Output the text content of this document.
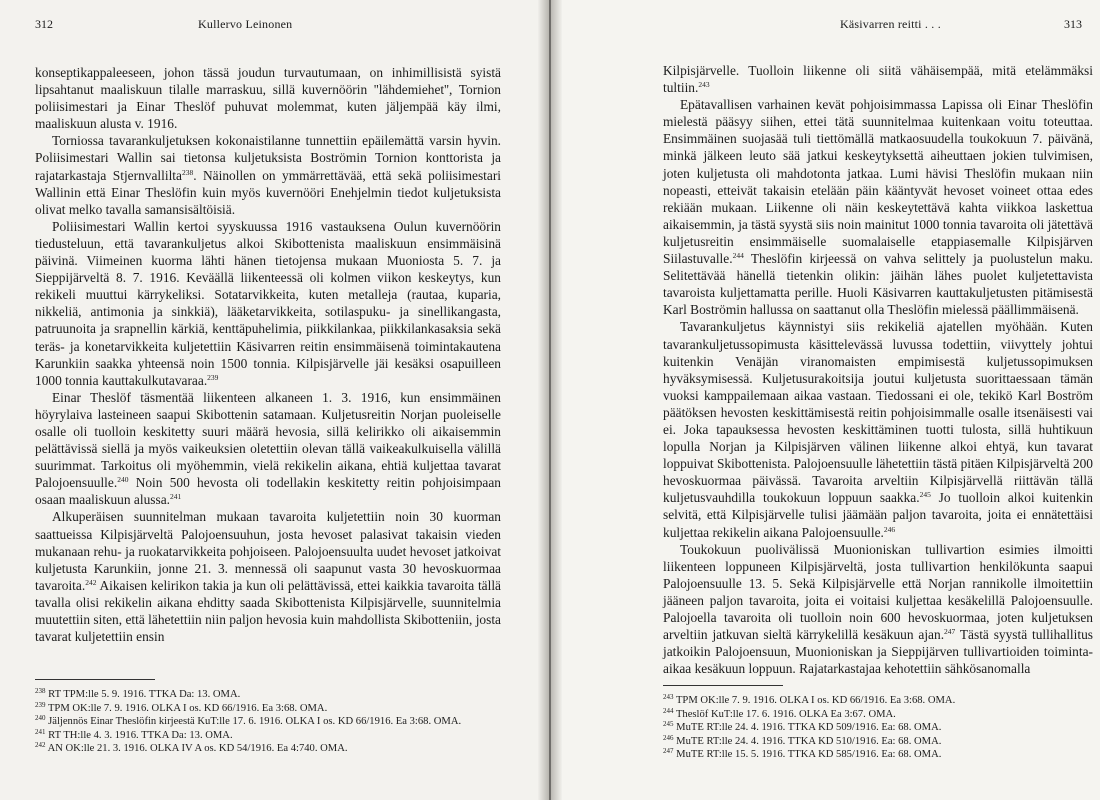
312	Kullervo Leinonen

konseptikappaleeseen, johon tässä joudun turvautumaan, on inhimillisistä syistä lipsahtanut maaliskuun tilalle marraskuu, sillä kuvernöörin ''lähdemiehet'', Tornion poliisimestari ja Einar Theslöf puhuvat molemmat, kuten jäljempää käy ilmi, maaliskuun alusta v. 1916.

Torniossa tavarankuljetuksen kokonaistilanne tunnettiin epäilemättä varsin hyvin. Poliisimestari Wallin sai tietonsa kuljetuksista Boströmin Tornion konttorista ja rajatarkastaja Stjernvallilta$^{238}$. Näinollen on ymmärrettävää, että sekä poliisimestari Wallinin että Einar Theslöfin kuin myös kuvernööri Enehjelmin tiedot kuljetuksista olivat melko tavalla samansisältöisiä.

Poliisimestari Wallin kertoi syyskuussa 1916 vastauksena Oulun kuvernöörin tiedusteluun, että tavarankuljetus alkoi Skibottenista maaliskuun ensimmäisinä päivinä. Viimeinen kuorma lähti hänen tietojensa mukaan Muoniosta 5. 7. ja Sieppijärveltä 8. 7. 1916. Keväällä liikenteessä oli kolmen viikon keskeytys, kun rekikeli muuttui kärrykeliksi. Sotatarvikkeita, kuten metalleja (rautaa, kuparia, nikkeliä, antimonia ja sinkkiä), lääketarvikkeita, sotilaspuku- ja sinellikangasta, patruunoita ja srapnellin kärkiä, kenttäpuhelimia, piikkilankaa, piikkilankasaksia sekä teräs- ja konetarvikkeita kuljetettiin Käsivarren reitin ensimmäisenä toimintakautena Karunkiin saakka yhteensä noin 1500 tonnia. Kilpisjärvelle jäi kesäksi osapuilleen 1000 tonnia kauttakulkutavaraa.$^{239}$

Einar Theslöf täsmentää liikenteen alkaneen 1. 3. 1916, kun ensimmäinen höyrylaiva lasteineen saapui Skibottenin satamaan. Kuljetusreitin Norjan puoleiselle osalle oli tuolloin keskitetty suuri määrä hevosia, sillä kelirikko oli aikaisemmin pelättävissä siellä ja myös vaikeuksien oletettiin olevan tällä vaikeakulkuisella välillä suurimmat. Tarkoitus oli myöhemmin, vielä rekikelin aikana, ehtiä kuljettaa tavarat Palojoensuulle.$^{240}$ Noin 500 hevosta oli todellakin keskitetty reitin pohjoisimpaan osaan maaliskuun alussa.$^{241}$

Alkuperäisen suunnitelman mukaan tavaroita kuljetettiin noin 30 kuorman saattueissa Kilpisjärveltä Palojoensuuhun, josta hevoset palasivat takaisin vieden mukanaan rehu- ja ruokatarvikkeita pohjoiseen. Palojoensuulta uudet hevoset jatkoivat kuljetusta Karunkiin, jonne 21. 3. mennessä oli saapunut vasta 30 hevoskuormaa tavaroita.$^{242}$ Aikaisen kelirikon takia ja kun oli pelättävissä, ettei kaikkia tavaroita tällä tavalla olisi rekikelin aikana ehditty saada Skibottenista Kilpisjärvelle, suunnitelmia muutettiin siten, että lähetettiin niin paljon hevosia kuin mahdollista Skibotteniin, josta tavarat kuljetettiin ensin

$^{238}$ RT TPM:lle 5. 9. 1916. TTKA Da: 13. OMA.
$^{239}$ TPM OK:lle 7. 9. 1916. OLKA I os. KD 66/1916. Ea 3:68. OMA.
$^{240}$ Jäljennös Einar Theslöfin kirjeestä KuT:lle 17. 6. 1916. OLKA I os. KD 66/1916. Ea 3:68. OMA.
$^{241}$ RT TH:lle 4. 3. 1916. TTKA Da: 13. OMA.
$^{242}$ AN OK:lle 21. 3. 1916. OLKA IV A os. KD 54/1916. Ea 4:740. OMA.
Käsivarren reitti . . .	313

Kilpisjärvelle. Tuolloin liikenne oli siitä vähäisempää, mitä etelämmäksi tultiin.$^{243}$

Epätavallisen varhainen kevät pohjoisimmassa Lapissa oli Einar Theslöfin mielestä pääsyy siihen, ettei tätä suunnitelmaa kuitenkaan voitu toteuttaa. Ensimmäinen suojasää tuli tiettömällä matkaosuudella toukokuun 7. päivänä, minkä jälkeen leuto sää jatkui keskeytyksettä aiheuttaen jokien tulvimisen, joten kuljetusta oli mahdotonta jatkaa. Lumi hävisi Theslöfin mukaan niin nopeasti, etteivät takaisin etelään päin kääntyvät hevoset voineet ottaa edes rekiään mukaan. Liikenne oli näin keskeytettävä kahta viikkoa laskettua aikaisemmin, ja tästä syystä siis noin mainitut 1000 tonnia tavaroita oli jätettävä kuljetusreitin ensimmäiselle suomalaiselle etappiasemalle Kilpisjärven Siilastuvalle.$^{244}$ Theslöfin kirjeessä on vahva selittely ja puolustelun maku. Selitettävää hänellä tietenkin olikin: jäihän lähes puolet kuljetettavista tavaroista kuljettamatta perille. Huoli Käsivarren kauttakuljetusten pitämisestä Karl Boströmin hallussa on saattanut olla Theslöfin mielessä päällimmäisenä.

Tavarankuljetus käynnistyi siis rekikeliä ajatellen myöhään. Kuten tavarankuljetussopimusta käsittelevässä luvussa todettiin, viivyttely johtui kuitenkin Venäjän viranomaisten empimisestä kuljetussopimuksen hyväksymisessä. Kuljetusurakoitsija joutui kuljetusta suorittaessaan tämän vuoksi kamppailemaan aikaa vastaan. Tiedossani ei ole, tekikö Karl Boström päätöksen hevosten keskittämisestä reitin pohjoisimmalle osalle itsenäisesti vai ei. Joka tapauksessa hevosten keskittäminen tuotti tulosta, sillä huhtikuun lopulla Norjan ja Kilpisjärven välinen liikenne alkoi ehtyä, kun tavarat loppuivat Skibottenista. Palojoensuulle lähetettiin tästä pitäen Kilpisjärveltä 200 hevoskuormaa päivässä. Tavaroita arveltiin Kilpisjärvellä riittävän tällä kuljetusvauhdilla toukokuun loppuun saakka.$^{245}$ Jo tuolloin alkoi kuitenkin selvitä, että Kilpisjärvelle tulisi jäämään paljon tavaroita, joita ei ennätettäisi kuljettaa rekikelin aikana Palojoensuulle.$^{246}$

Toukokuun puolivälissä Muonioniskan tullivartion esimies ilmoitti liikenteen loppuneen Kilpisjärveltä, josta tullivartion henkilökunta saapui Palojoensuulle 13. 5. Sekä Kilpisjärvelle että Norjan rannikolle ilmoitettiin jääneen paljon tavaroita, joita ei voitaisi kuljettaa kesäkelillä Palojoensuulle. Palojoella tavaroita oli tuolloin noin 600 hevoskuormaa, joten kuljetuksen arveltiin jatkuvan sieltä kärrykelillä kesäkuun ajan.$^{247}$ Tästä syystä tullihallitus jatkoikin Palojoensuun, Muonioniskan ja Sieppijärven tullivartioiden toiminta-aikaa kesäkuun loppuun. Rajatarkastajaa kehotettiin sähkösanomalla

$^{243}$ TPM OK:lle 7. 9. 1916. OLKA I os. KD 66/1916. Ea 3:68. OMA.
$^{244}$ Theslöf KuT:lle 17. 6. 1916. OLKA Ea 3:67. OMA.
$^{245}$ MuTE RT:lle 24. 4. 1916. TTKA KD 509/1916. Ea: 68. OMA.
$^{246}$ MuTE RT:lle 24. 4. 1916. TTKA KD 510/1916. Ea: 68. OMA.
$^{247}$ MuTE RT:lle 15. 5. 1916. TTKA KD 585/1916. Ea: 68. OMA.
